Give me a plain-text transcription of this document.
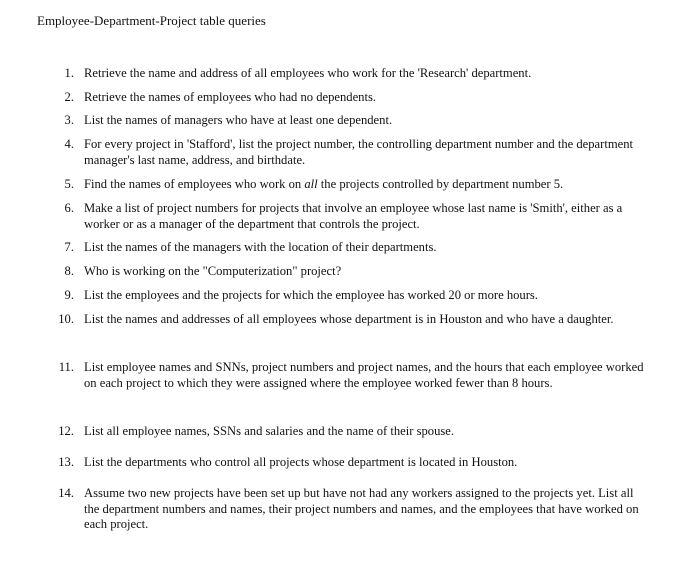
Employee-Department-Project table queries
1. Retrieve the name and address of all employees who work for the 'Research' department.
2. Retrieve the names of employees who had no dependents.
3. List the names of managers who have at least one dependent.
4. For every project in 'Stafford', list the project number, the controlling department number and the department manager's last name, address, and birthdate.
5. Find the names of employees who work on all the projects controlled by department number 5.
6. Make a list of project numbers for projects that involve an employee whose last name is 'Smith', either as a worker or as a manager of the department that controls the project.
7. List the names of the managers with the location of their departments.
8. Who is working on the "Computerization" project?
9. List the employees and the projects for which the employee has worked 20 or more hours.
10. List the names and addresses of all employees whose department is in Houston and who have a daughter.
11. List employee names and SNNs, project numbers and project names, and the hours that each employee worked on each project to which they were assigned where the employee worked fewer than 8 hours.
12. List all employee names, SSNs and salaries and the name of their spouse.
13. List the departments who control all projects whose department is located in Houston.
14. Assume two new projects have been set up but have not had any workers assigned to the projects yet. List all the department numbers and names, their project numbers and names, and the employees that have worked on each project.
